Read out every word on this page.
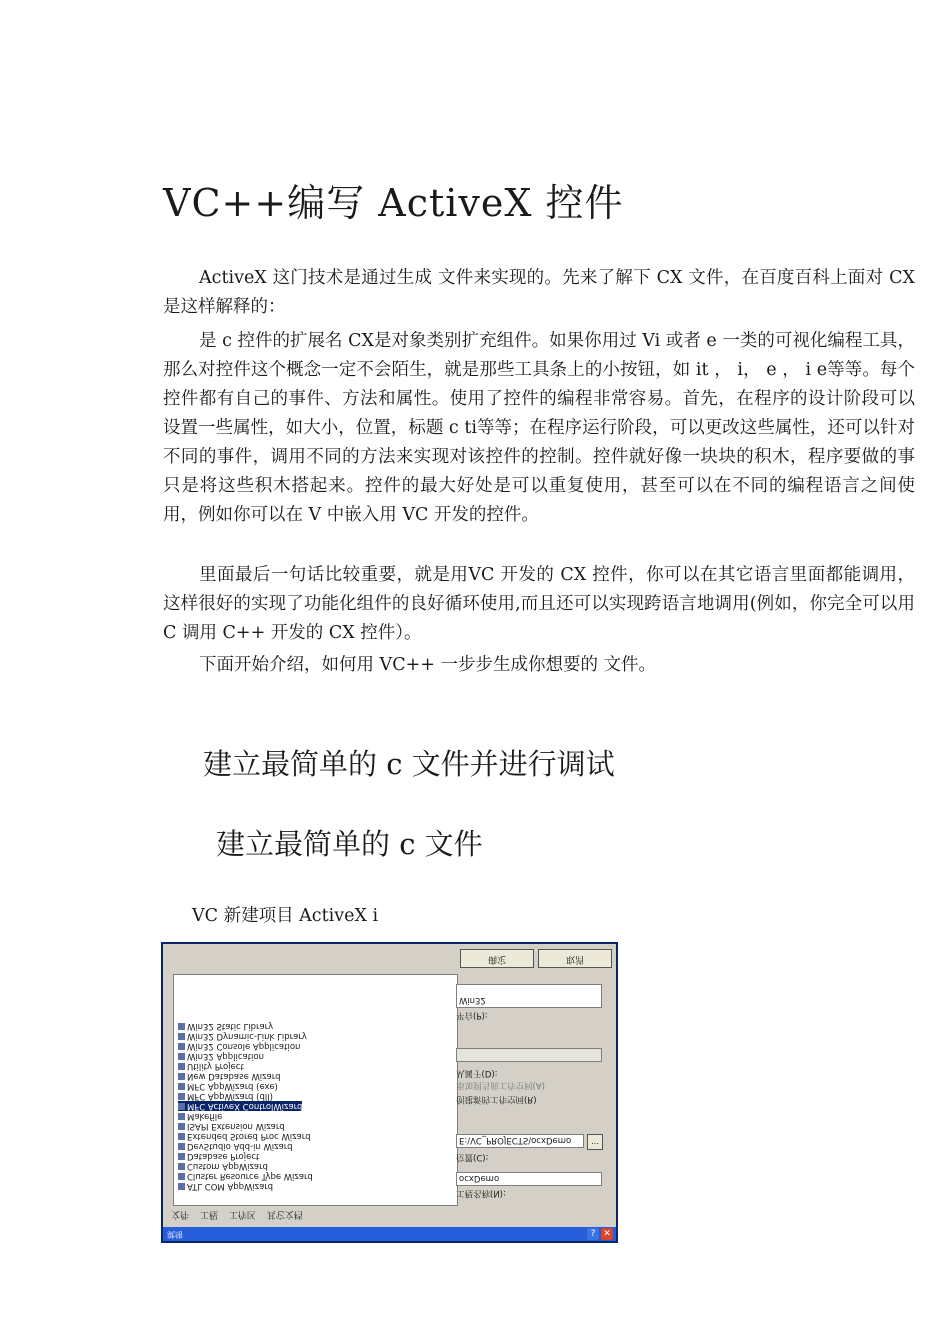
VC++编写 ActiveX 控件

ActiveX 这门技术是通过生成 文件来实现的。先来了解下 CX 文件，在百度百科上面对 CX 是这样解释的：

是 c 控件的扩展名 CX是对象类别扩充组件。如果你用过 Vi 或者 e 一类的可视化编程工具，那么对控件这个概念一定不会陌生，就是那些工具条上的小按钮，如 it ， i， e ， i e等等。每个控件都有自己的事件、方法和属性。使用了控件的编程非常容易。首先，在程序的设计阶段可以设置一些属性，如大小，位置，标题 c ti等等；在程序运行阶段，可以更改这些属性，还可以针对不同的事件，调用不同的方法来实现对该控件的控制。控件就好像一块块的积木，程序要做的事只是将这些积木搭起来。控件的最大好处是可以重复使用，甚至可以在不同的编程语言之间使用，例如你可以在 V 中嵌入用 VC 开发的控件。

里面最后一句话比较重要，就是用VC 开发的 CX 控件，你可以在其它语言里面都能调用，这样很好的实现了功能化组件的良好循环使用,而且还可以实现跨语言地调用(例如，你完全可以用 C 调用 C++ 开发的 CX 控件）。

下面开始介绍，如何用 VC++ 一步步生成你想要的 文件。

建立最简单的 c 文件并进行调试
建立最简单的 c 文件
VC 新建项目 ActiveX i
确定	取消
Win32 Static Library
Win32 Dynamic-Link Library
Win32 Console Application
Win32 Application
Utility Project
New Database Wizard
MFC AppWizard (exe)
MFC AppWizard (dll)
MFC ActiveX ControlWizard
Makefile
ISAPI Extension Wizard
Extended Stored Proc Wizard
DevStudio Add-in Wizard
Database Project
Custom AppWizard
Cluster Resource Type Wizard
ATL COM AppWizard
文件 工程 工作区 其它文档
Win32
平台(P):
从属于(D):
添加到当前工作空间(A)
创建新的工作空间(R)
E:\VC_PROJECTS\ocxDemo	…
位置(C):
ocxDemo
工程名称(N):
就绪	? ✕
